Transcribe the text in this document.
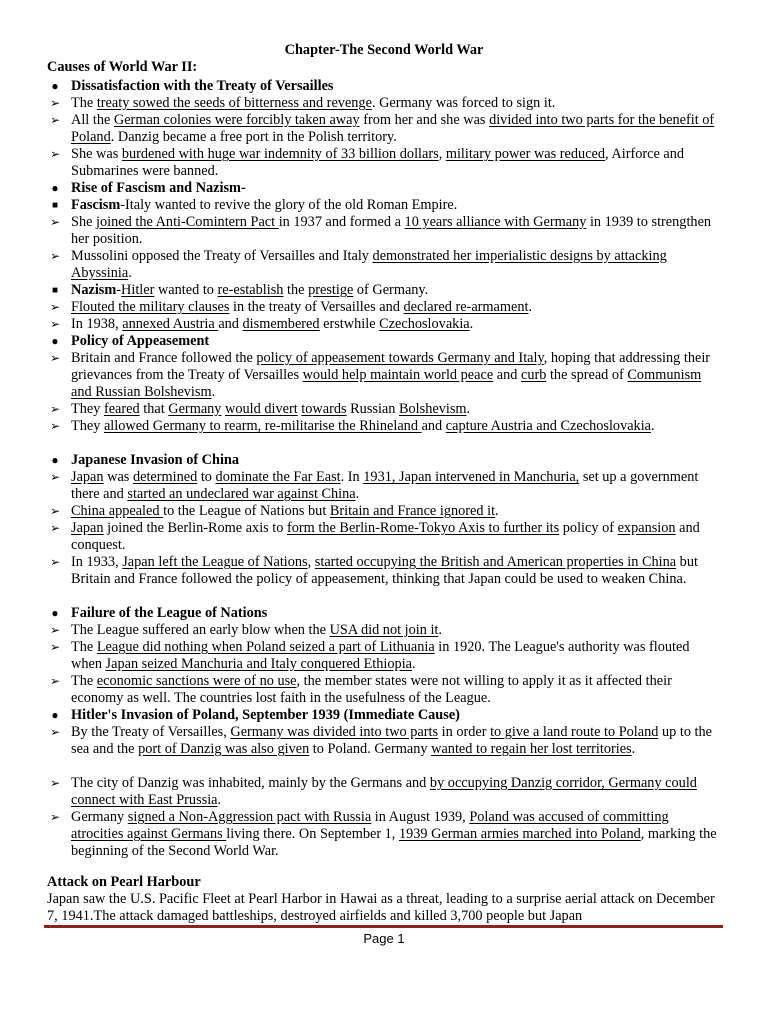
Chapter-The Second World War
Causes of World War II:
● Dissatisfaction with the Treaty of Versailles
➢ The treaty sowed the seeds of bitterness and revenge. Germany was forced to sign it.
➢ All the German colonies were forcibly taken away from her and she was divided into two parts for the benefit of Poland. Danzig became a free port in the Polish territory.
➢ She was burdened with huge war indemnity of 33 billion dollars, military power was reduced, Airforce and Submarines were banned.
● Rise of Fascism and Nazism-
■ Fascism-Italy wanted to revive the glory of the old Roman Empire.
➢ She joined the Anti-Comintern Pact in 1937 and formed a 10 years alliance with Germany in 1939 to strengthen her position.
➢ Mussolini opposed the Treaty of Versailles and Italy demonstrated her imperialistic designs by attacking Abyssinia.
■ Nazism-Hitler wanted to re-establish the prestige of Germany.
➢ Flouted the military clauses in the treaty of Versailles and declared re-armament.
➢ In 1938, annexed Austria and dismembered erstwhile Czechoslovakia.
● Policy of Appeasement
➢ Britain and France followed the policy of appeasement towards Germany and Italy, hoping that addressing their grievances from the Treaty of Versailles would help maintain world peace and curb the spread of Communism and Russian Bolshevism.
➢ They feared that Germany would divert towards Russian Bolshevism.
➢ They allowed Germany to rearm, re-militarise the Rhineland and capture Austria and Czechoslovakia.
● Japanese Invasion of China
➢ Japan was determined to dominate the Far East. In 1931, Japan intervened in Manchuria, set up a government there and started an undeclared war against China.
➢ China appealed to the League of Nations but Britain and France ignored it.
➢ Japan joined the Berlin-Rome axis to form the Berlin-Rome-Tokyo Axis to further its policy of expansion and conquest.
➢ In 1933, Japan left the League of Nations, started occupying the British and American properties in China but Britain and France followed the policy of appeasement, thinking that Japan could be used to weaken China.
● Failure of the League of Nations
➢ The League suffered an early blow when the USA did not join it.
➢ The League did nothing when Poland seized a part of Lithuania in 1920. The League's authority was flouted when Japan seized Manchuria and Italy conquered Ethiopia.
➢ The economic sanctions were of no use, the member states were not willing to apply it as it affected their economy as well. The countries lost faith in the usefulness of the League.
● Hitler's Invasion of Poland, September 1939 (Immediate Cause)
➢ By the Treaty of Versailles, Germany was divided into two parts in order to give a land route to Poland up to the sea and the port of Danzig was also given to Poland. Germany wanted to regain her lost territories.
➢ The city of Danzig was inhabited, mainly by the Germans and by occupying Danzig corridor, Germany could connect with East Prussia.
➢ Germany signed a Non-Aggression pact with Russia in August 1939, Poland was accused of committing atrocities against Germans living there. On September 1, 1939 German armies marched into Poland, marking the beginning of the Second World War.
Attack on Pearl Harbour
Japan saw the U.S. Pacific Fleet at Pearl Harbor in Hawai as a threat, leading to a surprise aerial attack on December 7, 1941.The attack damaged battleships, destroyed airfields and killed 3,700 people but Japan
Page 1
